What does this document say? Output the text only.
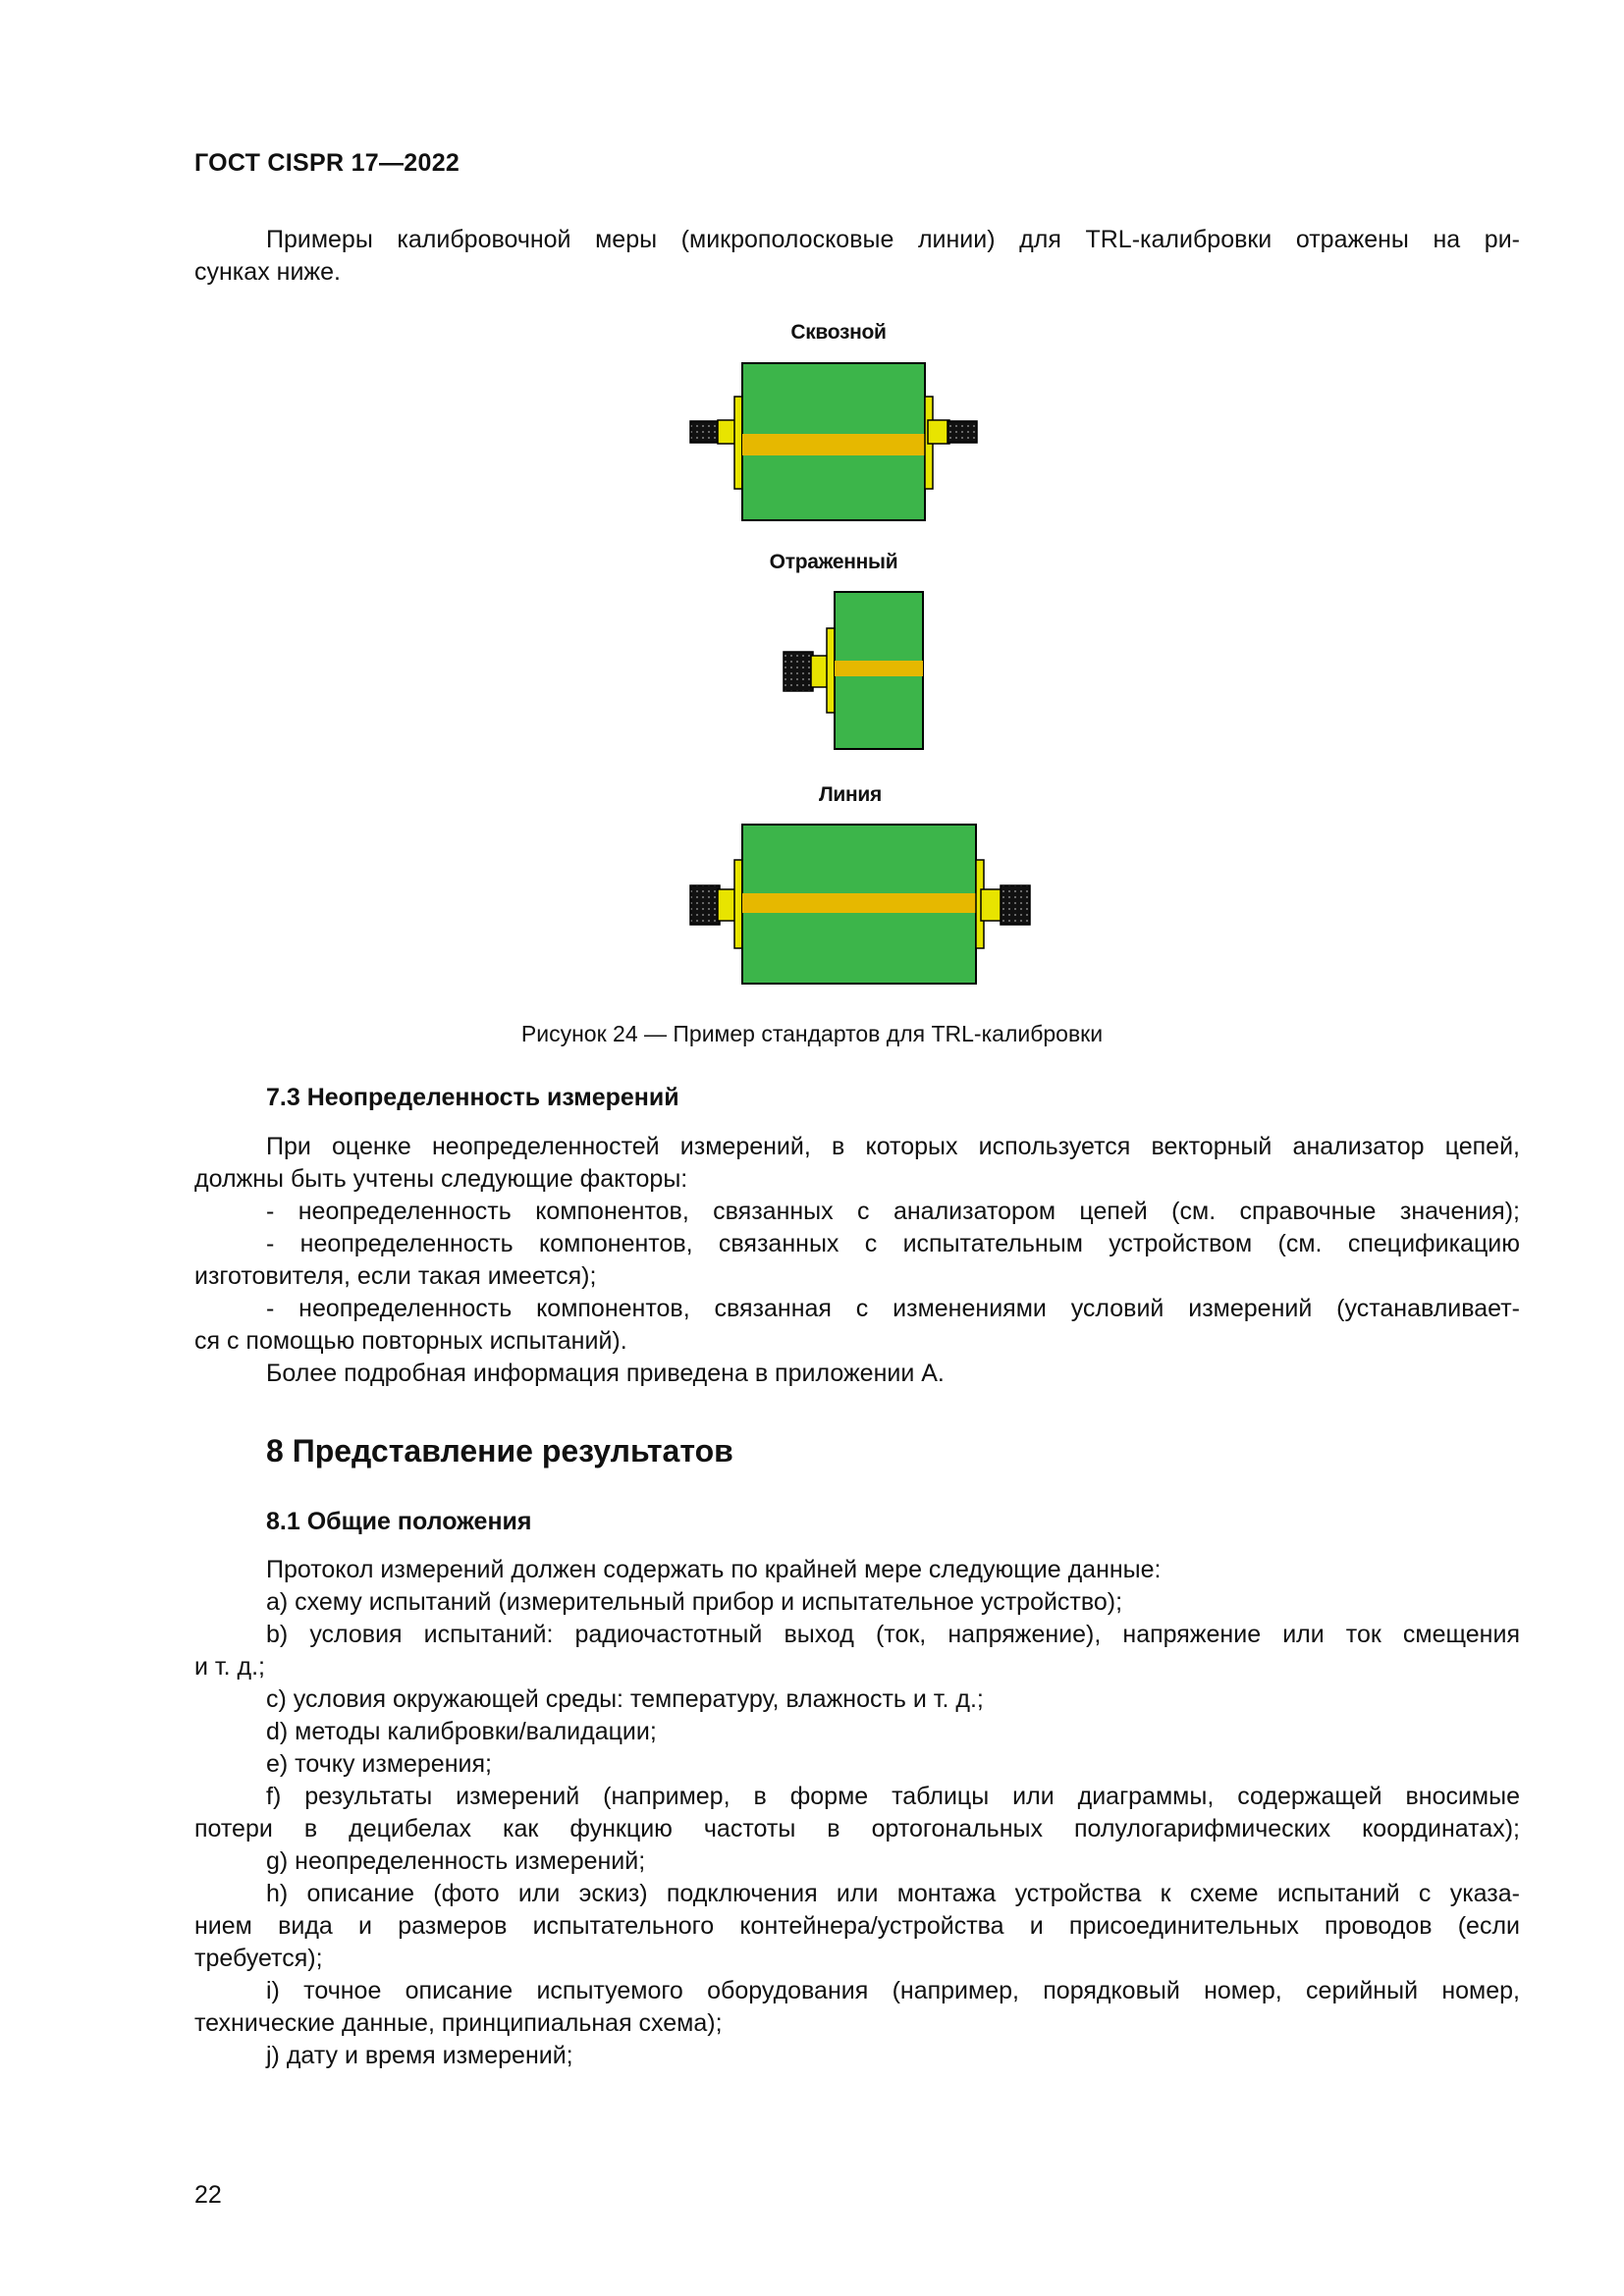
ГОСТ CISPR 17—2022

Примеры калибровочной меры (микрополосковые линии) для TRL-калибровки отражены на ри-

сунках ниже.

Сквозной
Отраженный
Линия
Рисунок 24 — Пример стандартов для TRL-калибровки
7.3 Неопределенность измерений

При оценке неопределенностей измерений, в которых используется векторный анализатор цепей,

должны быть учтены следующие факторы:

- неопределенность компонентов, связанных с анализатором цепей (см. справочные значения);

- неопределенность компонентов, связанных с испытательным устройством (см. спецификацию

изготовителя, если такая имеется);

- неопределенность компонентов, связанная с изменениями условий измерений (устанавливает-

ся с помощью повторных испытаний).

Более подробная информация приведена в приложении А.

8 Представление результатов
8.1 Общие положения

Протокол измерений должен содержать по крайней мере следующие данные:

a) схему испытаний (измерительный прибор и испытательное устройство);

b) условия испытаний: радиочастотный выход (ток, напряжение), напряжение или ток смещения

и т. д.;

c) условия окружающей среды: температуру, влажность и т. д.;

d) методы калибровки/валидации;

e) точку измерения;

f) результаты измерений (например, в форме таблицы или диаграммы, содержащей вносимые

потери в децибелах как функцию частоты в ортогональных полулогарифмических координатах);

g) неопределенность измерений;

h) описание (фото или эскиз) подключения или монтажа устройства к схеме испытаний с указа-

нием вида и размеров испытательного контейнера/устройства и присоединительных проводов (если

требуется);

i) точное описание испытуемого оборудования (например, порядковый номер, серийный номер,

технические данные, принципиальная схема);

j) дату и время измерений;

22
